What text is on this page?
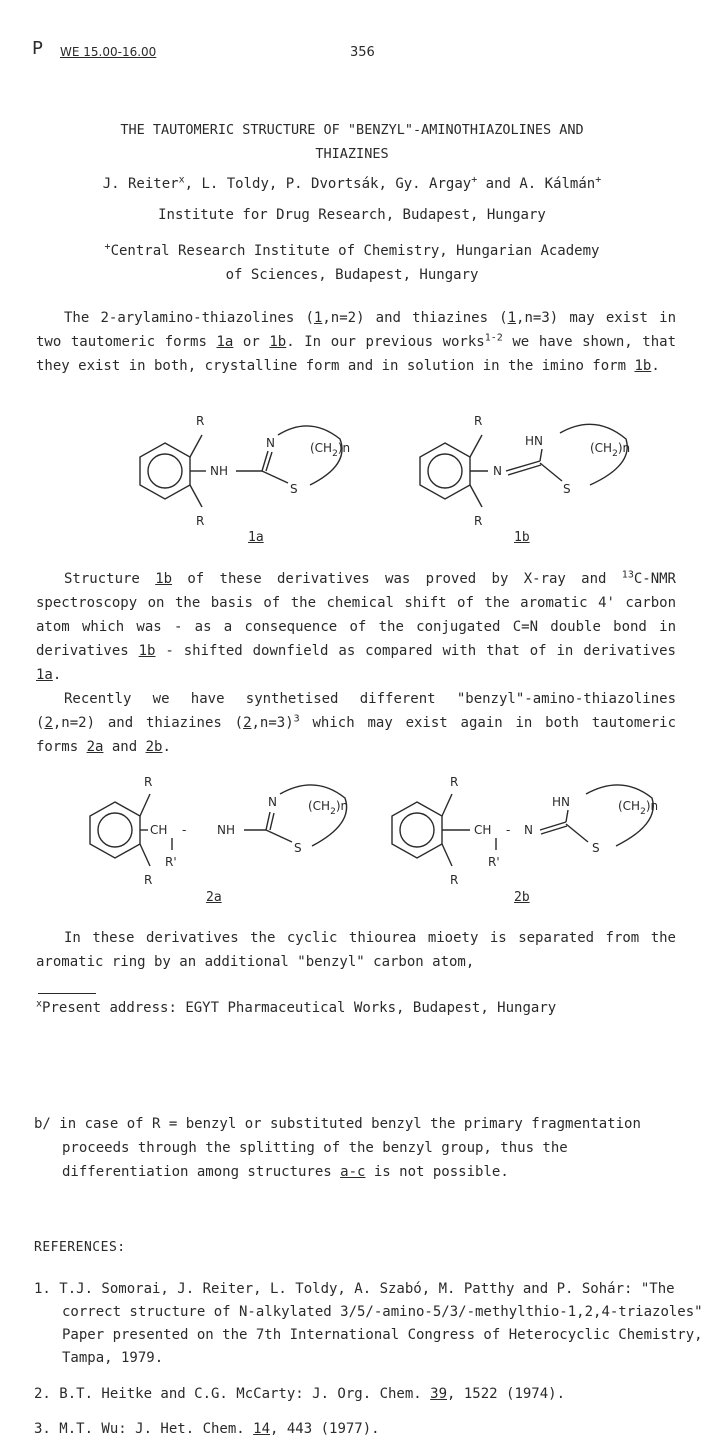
P WE 15.00-16.00	356
THE TAUTOMERIC STRUCTURE OF "BENZYL"-AMINOTHIAZOLINES AND
THIAZINES
J. Reiter$^x$, L. Toldy, P. Dvortsák, Gy. Argay+ and A. Kálmán+
Institute for Drug Research, Budapest, Hungary
+Central Research Institute of Chemistry, Hungarian Academy
of Sciences, Budapest, Hungary

The 2-arylamino-thiazolines (1,n=2) and thiazines (1,n=3) may exist in two tautomeric forms 1a or 1b. In our previous works$^{1-2}$ we have shown, that they exist in both, crystalline form and in solution in the imino form 1b.

R
R
NH
N
S
$(CH_2)n$
1a
R
R
N
HN
S
$(CH_2)n$
1b

Structure 1b of these derivatives was proved by X-ray and $^{13}$C-NMR spectroscopy on the basis of the chemical shift of the aromatic 4' carbon atom which was - as a consequence of the conjugated C=N double bond in derivatives 1b - shifted downfield as compared with that of in derivatives 1a.

Recently we have synthetised different "benzyl"-amino-thiazolines (2,n=2) and thiazines (2,n=3)$^3$ which may exist again in both tautomeric forms 2a and 2b.

R
R
CH -	NH
R'
N
S
$(CH_2)n$
2a
R
R
CH - N
R'
HN
S
$(CH_2)n$
2b

In these derivatives the cyclic thiourea mioety is separated from the aromatic ring by an additional "benzyl" carbon atom,

$^x$Present address: EGYT Pharmaceutical Works, Budapest, Hungary
b/ in case of R = benzyl or substituted benzyl the primary fragmentation proceeds through the splitting of the benzyl group, thus the differentiation among structures a-c is not possible.
REFERENCES:
1. T.J. Somorai, J. Reiter, L. Toldy, A. Szabó, M. Patthy and P. Sohár: "The correct structure of N-alkylated 3/5/-amino-5/3/-methylthio-1,2,4-triazoles" Paper presented on the 7th International Congress of Heterocyclic Chemistry, Tampa, 1979.
2. B.T. Heitke and C.G. McCarty: J. Org. Chem. 39, 1522 (1974).
3. M.T. Wu: J. Het. Chem. 14, 443 (1977).
